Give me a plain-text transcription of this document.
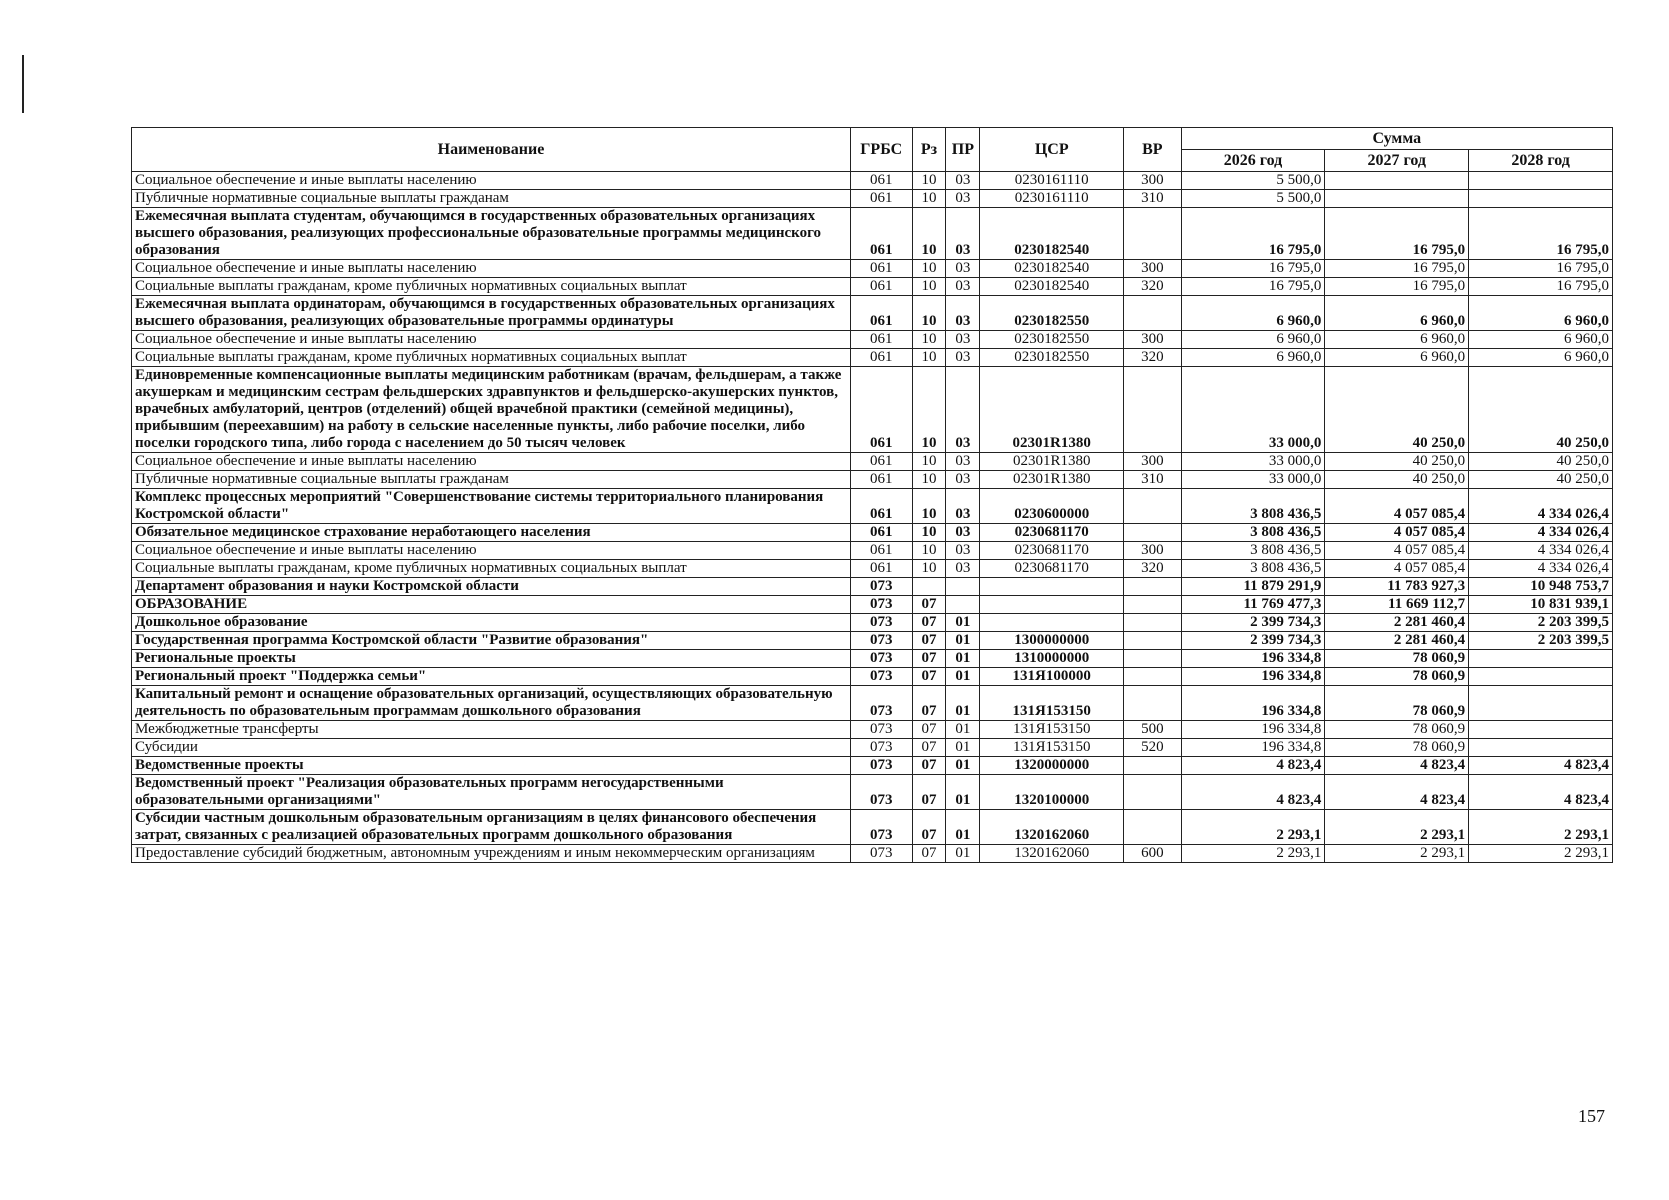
Наименование	ГРБС	Рз	ПР	ЦСР	ВР	Сумма		
						2026 год	2027 год	2028 год
Социальное обеспечение и иные выплаты населению	061	10	03	0230161110	300	5 500,0		
Публичные нормативные социальные выплаты гражданам	061	10	03	0230161110	310	5 500,0		
Ежемесячная выплата студентам, обучающимся в государственных образовательных организациях высшего образования, реализующих профессиональные образовательные программы медицинского образования	061	10	03	0230182540		16 795,0	16 795,0	16 795,0
Социальное обеспечение и иные выплаты населению	061	10	03	0230182540	300	16 795,0	16 795,0	16 795,0
Социальные выплаты гражданам, кроме публичных нормативных социальных выплат	061	10	03	0230182540	320	16 795,0	16 795,0	16 795,0
Ежемесячная выплата ординаторам, обучающимся в государственных образовательных организациях высшего образования, реализующих образовательные программы ординатуры	061	10	03	0230182550		6 960,0	6 960,0	6 960,0
Социальное обеспечение и иные выплаты населению	061	10	03	0230182550	300	6 960,0	6 960,0	6 960,0
Социальные выплаты гражданам, кроме публичных нормативных социальных выплат	061	10	03	0230182550	320	6 960,0	6 960,0	6 960,0
Единовременные компенсационные выплаты медицинским работникам (врачам, фельдшерам, а также акушеркам и медицинским сестрам фельдшерских здравпунктов и фельдшерско-акушерских пунктов, врачебных амбулаторий, центров (отделений) общей врачебной практики (семейной медицины), прибывшим (переехавшим) на работу в сельские населенные пункты, либо рабочие поселки, либо поселки городского типа, либо города с населением до 50 тысяч человек	061	10	03	02301R1380		33 000,0	40 250,0	40 250,0
Социальное обеспечение и иные выплаты населению	061	10	03	02301R1380	300	33 000,0	40 250,0	40 250,0
Публичные нормативные социальные выплаты гражданам	061	10	03	02301R1380	310	33 000,0	40 250,0	40 250,0
Комплекс процессных мероприятий "Совершенствование системы территориального планирования Костромской области"	061	10	03	0230600000		3 808 436,5	4 057 085,4	4 334 026,4
Обязательное медицинское страхование неработающего населения	061	10	03	0230681170		3 808 436,5	4 057 085,4	4 334 026,4
Социальное обеспечение и иные выплаты населению	061	10	03	0230681170	300	3 808 436,5	4 057 085,4	4 334 026,4
Социальные выплаты гражданам, кроме публичных нормативных социальных выплат	061	10	03	0230681170	320	3 808 436,5	4 057 085,4	4 334 026,4
Департамент образования и науки Костромской области	073					11 879 291,9	11 783 927,3	10 948 753,7
ОБРАЗОВАНИЕ	073	07				11 769 477,3	11 669 112,7	10 831 939,1
Дошкольное образование	073	07	01			2 399 734,3	2 281 460,4	2 203 399,5
Государственная программа Костромской области "Развитие образования"	073	07	01	1300000000		2 399 734,3	2 281 460,4	2 203 399,5
Региональные проекты	073	07	01	1310000000		196 334,8	78 060,9	
Региональный проект "Поддержка семьи"	073	07	01	131Я100000		196 334,8	78 060,9	
Капитальный ремонт и оснащение образовательных организаций, осуществляющих образовательную деятельность по образовательным программам дошкольного образования	073	07	01	131Я153150		196 334,8	78 060,9	
Межбюджетные трансферты	073	07	01	131Я153150	500	196 334,8	78 060,9	
Субсидии	073	07	01	131Я153150	520	196 334,8	78 060,9	
Ведомственные проекты	073	07	01	1320000000		4 823,4	4 823,4	4 823,4
Ведомственный проект "Реализация образовательных программ негосударственными образовательными организациями"	073	07	01	1320100000		4 823,4	4 823,4	4 823,4
Субсидии частным дошкольным образовательным организациям в целях финансового обеспечения затрат, связанных с реализацией образовательных программ дошкольного образования	073	07	01	1320162060		2 293,1	2 293,1	2 293,1
Предоставление субсидий бюджетным, автономным учреждениям и иным некоммерческим организациям	073	07	01	1320162060	600	2 293,1	2 293,1	2 293,1
157
